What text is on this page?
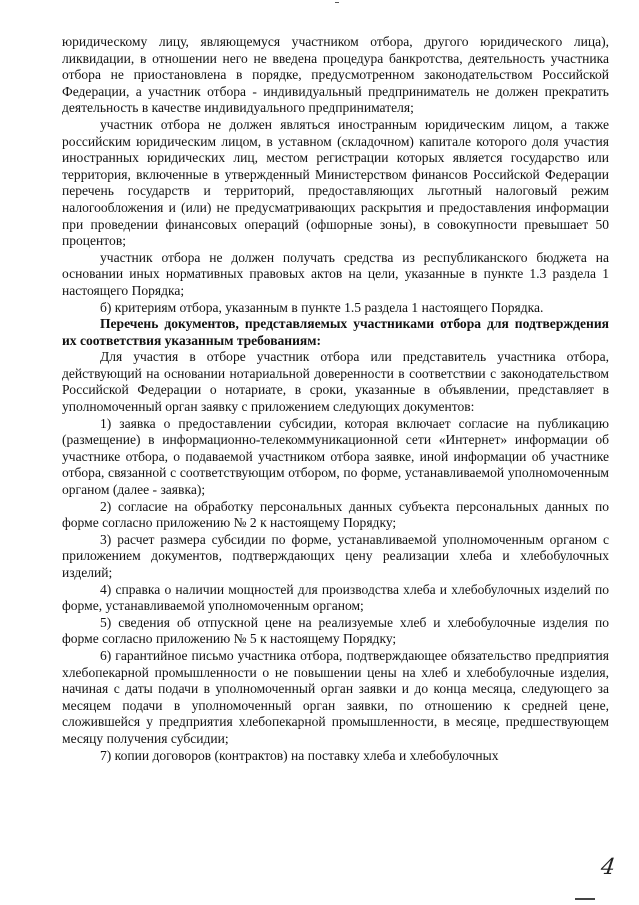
юридическому лицу, являющемуся участником отбора, другого юридического лица), ликвидации, в отношении него не введена процедура банкротства, деятельность участника отбора не приостановлена в порядке, предусмотренном законодательством Российской Федерации, а участник отбора - индивидуальный предприниматель не должен прекратить деятельность в качестве индивидуального предпринимателя;

участник отбора не должен являться иностранным юридическим лицом, а также российским юридическим лицом, в уставном (складочном) капитале которого доля участия иностранных юридических лиц, местом регистрации которых является государство или территория, включенные в утвержденный Министерством финансов Российской Федерации перечень государств и территорий, предоставляющих льготный налоговый режим налогообложения и (или) не предусматривающих раскрытия и предоставления информации при проведении финансовых операций (офшорные зоны), в совокупности превышает 50 процентов;

участник отбора не должен получать средства из республиканского бюджета на основании иных нормативных правовых актов на цели, указанные в пункте 1.3 раздела 1 настоящего Порядка;

б) критериям отбора, указанным в пункте 1.5 раздела 1 настоящего Порядка.

Перечень документов, представляемых участниками отбора для подтверждения их соответствия указанным требованиям:

Для участия в отборе участник отбора или представитель участника отбора, действующий на основании нотариальной доверенности в соответствии с законодательством Российской Федерации о нотариате, в сроки, указанные в объявлении, представляет в уполномоченный орган заявку с приложением следующих документов:

1) заявка о предоставлении субсидии, которая включает согласие на публикацию (размещение) в информационно-телекоммуникационной сети «Интернет» информации об участнике отбора, о подаваемой участником отбора заявке, иной информации об участнике отбора, связанной с соответствующим отбором, по форме, устанавливаемой уполномоченным органом (далее - заявка);

2) согласие на обработку персональных данных субъекта персональных данных по форме согласно приложению № 2 к настоящему Порядку;

3) расчет размера субсидии по форме, устанавливаемой уполномоченным органом с приложением документов, подтверждающих цену реализации хлеба и хлебобулочных изделий;

4) справка о наличии мощностей для производства хлеба и хлебобулочных изделий по форме, устанавливаемой уполномоченным органом;

5) сведения об отпускной цене на реализуемые хлеб и хлебобулочные изделия по форме согласно приложению № 5 к настоящему Порядку;

6) гарантийное письмо участника отбора, подтверждающее обязательство предприятия хлебопекарной промышленности о не повышении цены на хлеб и хлебобулочные изделия, начиная с даты подачи в уполномоченный орган заявки и до конца месяца, следующего за месяцем подачи в уполномоченный орган заявки, по отношению к средней цене, сложившейся у предприятия хлебопекарной промышленности, в месяце, предшествующем месяцу получения субсидии;

7) копии договоров (контрактов) на поставку хлеба и хлебобулочных

4
